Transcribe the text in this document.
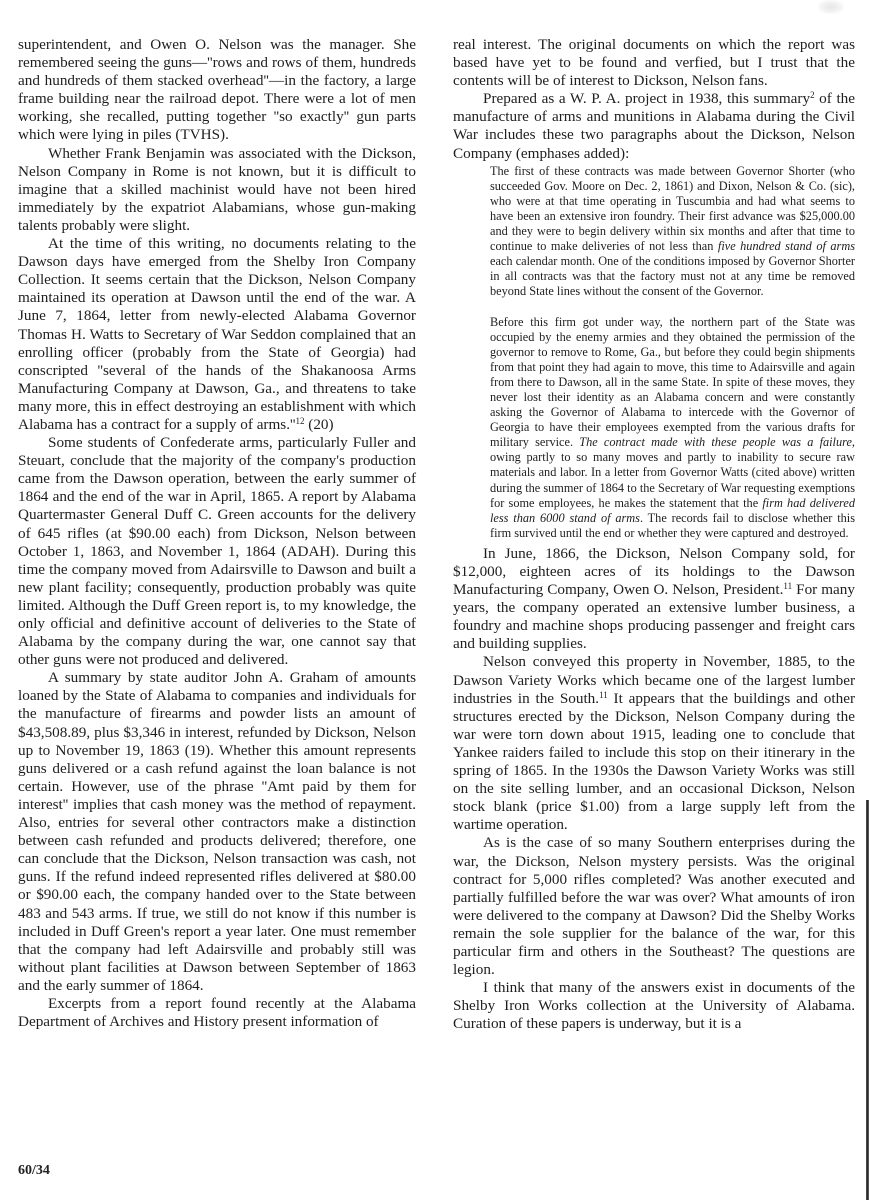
superintendent, and Owen O. Nelson was the manager. She remembered seeing the guns—''rows and rows of them, hundreds and hundreds of them stacked overhead''—in the factory, a large frame building near the railroad depot. There were a lot of men working, she recalled, putting together ''so exactly'' gun parts which were lying in piles (TVHS).

Whether Frank Benjamin was associated with the Dickson, Nelson Company in Rome is not known, but it is difficult to imagine that a skilled machinist would have not been hired immediately by the expatriot Alabamians, whose gun-making talents probably were slight.

At the time of this writing, no documents relating to the Dawson days have emerged from the Shelby Iron Company Collection. It seems certain that the Dickson, Nelson Company maintained its operation at Dawson until the end of the war. A June 7, 1864, letter from newly-elected Alabama Governor Thomas H. Watts to Secretary of War Seddon complained that an enrolling officer (probably from the State of Georgia) had conscripted ''several of the hands of the Shakanoosa Arms Manufacturing Company at Dawson, Ga., and threatens to take many more, this in effect destroying an establishment with which Alabama has a contract for a supply of $arms.''^{12}$ (20)

Some students of Confederate arms, particularly Fuller and Steuart, conclude that the majority of the company's production came from the Dawson operation, between the early summer of 1864 and the end of the war in April, 1865. A report by Alabama Quartermaster General Duff C. Green accounts for the delivery of 645 rifles (at $90.00 each) from Dickson, Nelson between October 1, 1863, and November 1, 1864 (ADAH). During this time the company moved from Adairsville to Dawson and built a new plant facility; consequently, production probably was quite limited. Although the Duff Green report is, to my knowledge, the only official and definitive account of deliveries to the State of Alabama by the company during the war, one cannot say that other guns were not produced and delivered.

A summary by state auditor John A. Graham of amounts loaned by the State of Alabama to companies and individuals for the manufacture of firearms and powder lists an amount of $43,508.89, plus $3,346 in interest, refunded by Dickson, Nelson up to November 19, 1863 (19). Whether this amount represents guns delivered or a cash refund against the loan balance is not certain. However, use of the phrase ''Amt paid by them for interest'' implies that cash money was the method of repayment. Also, entries for several other contractors make a distinction between cash refunded and products delivered; therefore, one can conclude that the Dickson, Nelson transaction was cash, not guns. If the refund indeed represented rifles delivered at $80.00 or $90.00 each, the company handed over to the State between 483 and 543 arms. If true, we still do not know if this number is included in Duff Green's report a year later. One must remember that the company had left Adairsville and probably still was without plant facilities at Dawson between September of 1863 and the early summer of 1864.

Excerpts from a report found recently at the Alabama Department of Archives and History present information of

real interest. The original documents on which the report was based have yet to be found and verfied, but I trust that the contents will be of interest to Dickson, Nelson fans.

Prepared as a W. P. A. project in 1938, this summary$^2$ of the manufacture of arms and munitions in Alabama during the Civil War includes these two paragraphs about the Dickson, Nelson Company (emphases added):

The first of these contracts was made between Governor Shorter (who succeeded Gov. Moore on Dec. 2, 1861) and Dixon, Nelson & Co. (sic), who were at that time operating in Tuscumbia and had what seems to have been an extensive iron foundry. Their first advance was $25,000.00 and they were to begin delivery within six months and after that time to continue to make deliveries of not less than five hundred stand of arms each calendar month. One of the conditions imposed by Governor Shorter in all contracts was that the factory must not at any time be removed beyond State lines without the consent of the Governor.

Before this firm got under way, the northern part of the State was occupied by the enemy armies and they obtained the permission of the governor to remove to Rome, Ga., but before they could begin shipments from that point they had again to move, this time to Adairsville and again from there to Dawson, all in the same State. In spite of these moves, they never lost their identity as an Alabama concern and were constantly asking the Governor of Alabama to intercede with the Governor of Georgia to have their employees exempted from the various drafts for military service. The contract made with these people was a failure, owing partly to so many moves and partly to inability to secure raw materials and labor. In a letter from Governor Watts (cited above) written during the summer of 1864 to the Secretary of War requesting exemptions for some employees, he makes the statement that the firm had delivered less than 6000 stand of arms. The records fail to disclose whether this firm survived until the end or whether they were captured and destroyed.

In June, 1866, the Dickson, Nelson Company sold, for $12,000, eighteen acres of its holdings to the Dawson Manufacturing Company, Owen O. Nelson, President.$^{11}$ For many years, the company operated an extensive lumber business, a foundry and machine shops producing passenger and freight cars and building supplies.

Nelson conveyed this property in November, 1885, to the Dawson Variety Works which became one of the largest lumber industries in the South.$^{11}$ It appears that the buildings and other structures erected by the Dickson, Nelson Company during the war were torn down about 1915, leading one to conclude that Yankee raiders failed to include this stop on their itinerary in the spring of 1865. In the 1930s the Dawson Variety Works was still on the site selling lumber, and an occasional Dickson, Nelson stock blank (price $1.00) from a large supply left from the wartime operation.

As is the case of so many Southern enterprises during the war, the Dickson, Nelson mystery persists. Was the original contract for 5,000 rifles completed? Was another executed and partially fulfilled before the war was over? What amounts of iron were delivered to the company at Dawson? Did the Shelby Works remain the sole supplier for the balance of the war, for this particular firm and others in the Southeast? The questions are legion.

I think that many of the answers exist in documents of the Shelby Iron Works collection at the University of Alabama. Curation of these papers is underway, but it is a

60/34
